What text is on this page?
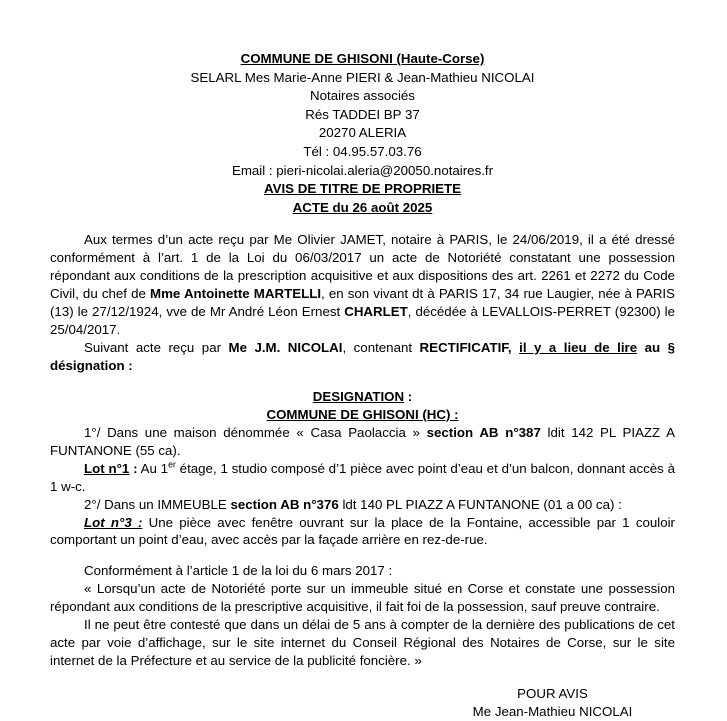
COMMUNE DE GHISONI (Haute-Corse)
SELARL Mes Marie-Anne PIERI & Jean-Mathieu NICOLAI
Notaires associés
Rés TADDEI BP 37
20270 ALERIA
Tél : 04.95.57.03.76
Email : pieri-nicolai.aleria@20050.notaires.fr
AVIS DE TITRE DE PROPRIETE
ACTE du 26 août 2025

Aux termes d’un acte reçu par Me Olivier JAMET, notaire à PARIS, le 24/06/2019, il a été dressé conformément à l’art. 1 de la Loi du 06/03/2017 un acte de Notoriété constatant une possession répondant aux conditions de la prescription acquisitive et aux dispositions des art. 2261 et 2272 du Code Civil, du chef de Mme Antoinette MARTELLI, en son vivant dt à PARIS 17, 34 rue Laugier, née à PARIS (13) le 27/12/1924, vve de Mr André Léon Ernest CHARLET, décédée à LEVALLOIS-PERRET (92300) le 25/04/2017.

Suivant acte reçu par Me J.M. NICOLAI, contenant RECTIFICATIF, il y a lieu de lire au § désignation :

DESIGNATION :

COMMUNE DE GHISONI (HC) :

1°/ Dans une maison dénommée « Casa Paolaccia » section AB n°387 ldit 142 PL PIAZZ A FUNTANONE (55 ca).

Lot n°1 : Au 1er étage, 1 studio composé d’1 pièce avec point d’eau et d’un balcon, donnant accès à 1 w-c.

2°/ Dans un IMMEUBLE section AB n°376 ldt 140 PL PIAZZ A FUNTANONE (01 a 00 ca) :

Lot n°3 : Une pièce avec fenêtre ouvrant sur la place de la Fontaine, accessible par 1 couloir comportant un point d’eau, avec accès par la façade arrière en rez-de-rue.

Conformément à l’article 1 de la loi du 6 mars 2017 :

« Lorsqu’un acte de Notoriété porte sur un immeuble situé en Corse et constate une possession répondant aux conditions de la prescriptive acquisitive, il fait foi de la possession, sauf preuve contraire.

Il ne peut être contesté que dans un délai de 5 ans à compter de la dernière des publications de cet acte par voie d’affichage, sur le site internet du Conseil Régional des Notaires de Corse, sur le site internet de la Préfecture et au service de la publicité foncière. »

POUR AVIS
Me Jean-Mathieu NICOLAI
